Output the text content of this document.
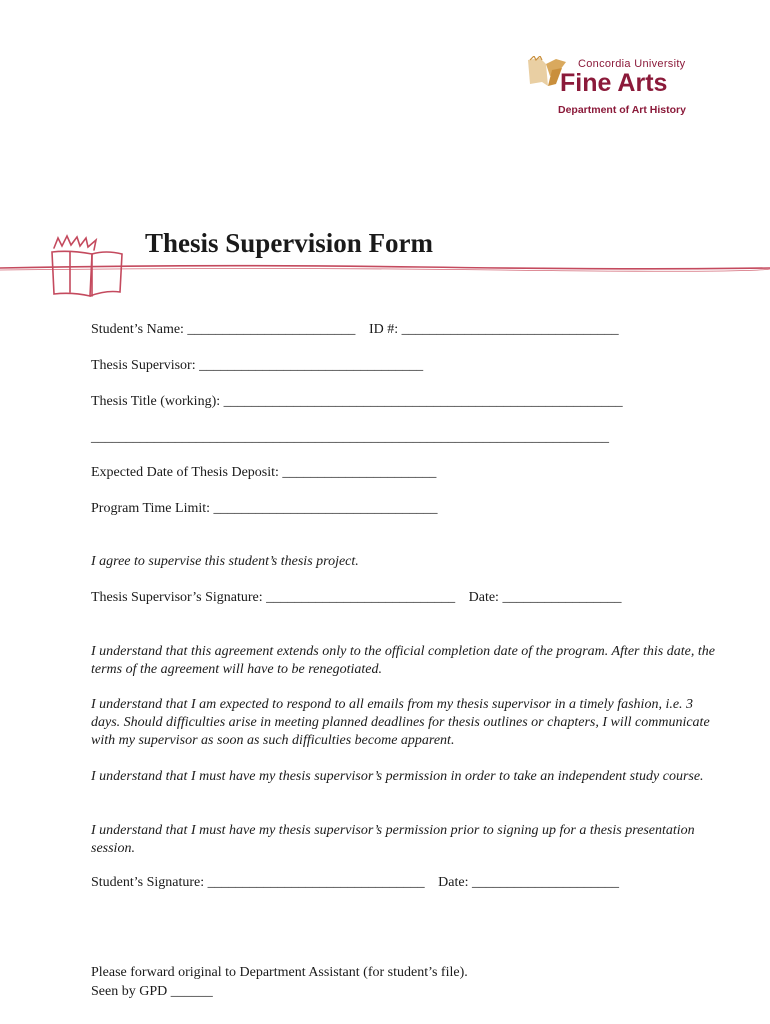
Concordia University
Fine Arts
Department of Art History
Thesis Supervision Form
Student’s Name: ________________________ ID #: _______________________________
Thesis Supervisor: ________________________________
Thesis Title (working): _________________________________________________________
__________________________________________________________________________
Expected Date of Thesis Deposit: ______________________
Program Time Limit: ________________________________
I agree to supervise this student’s thesis project.
Thesis Supervisor’s Signature: ___________________________ Date: _________________
I understand that this agreement extends only to the official completion date of the program. After this date, the terms of the agreement will have to be renegotiated.
I understand that I am expected to respond to all emails from my thesis supervisor in a timely fashion, i.e. 3 days. Should difficulties arise in meeting planned deadlines for thesis outlines or chapters, I will communicate with my supervisor as soon as such difficulties become apparent.
I understand that I must have my thesis supervisor’s permission in order to take an independent study course.
I understand that I must have my thesis supervisor’s permission prior to signing up for a thesis presentation session.
Student’s Signature: _______________________________ Date: _____________________
Please forward original to Department Assistant (for student’s file).
Seen by GPD ______
